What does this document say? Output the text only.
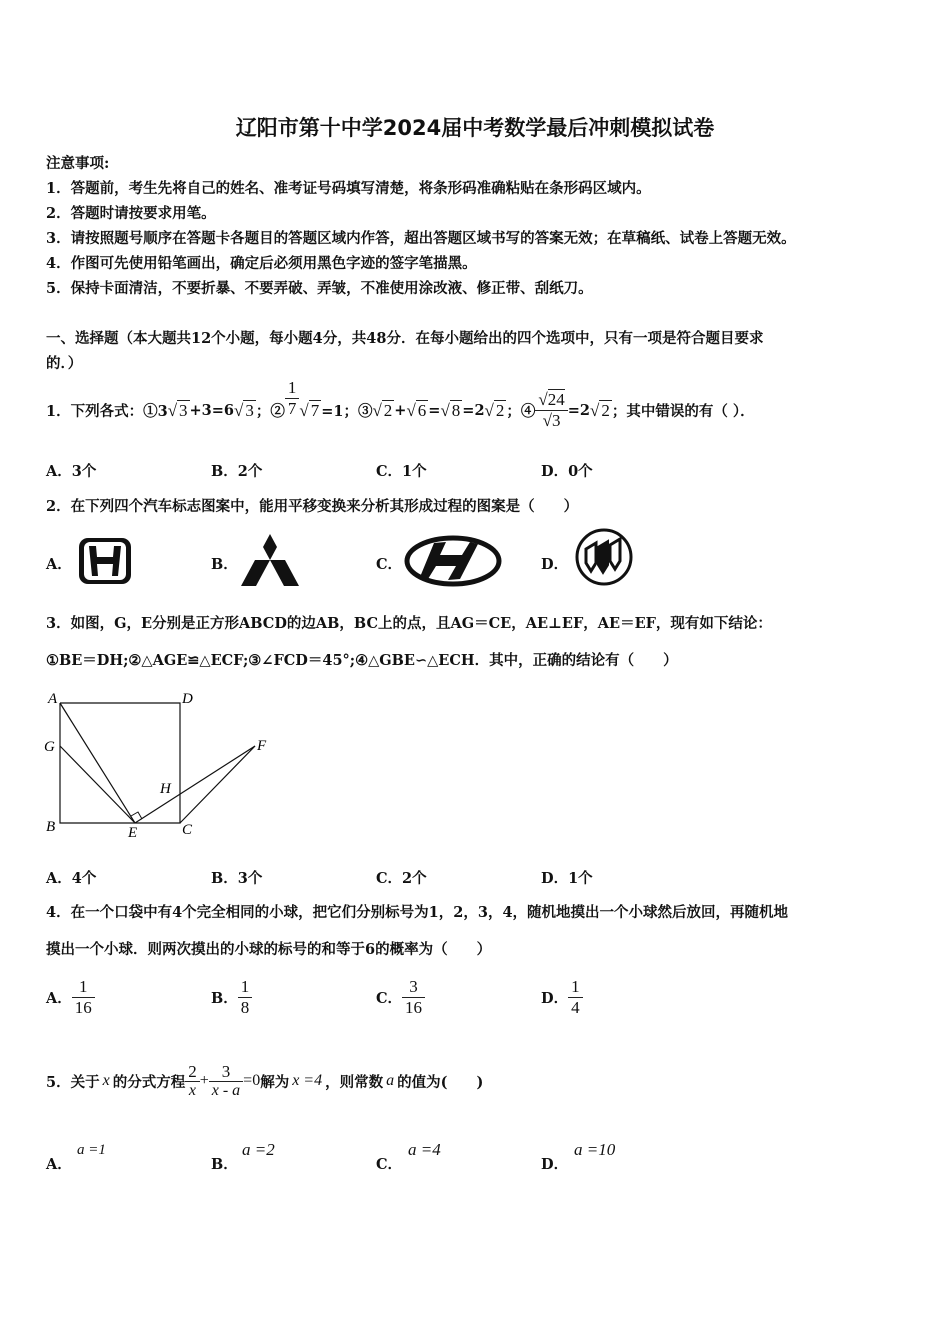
辽阳市第十中学2024届中考数学最后冲刺模拟试卷
注意事项:
1．答题前，考生先将自己的姓名、准考证号码填写清楚，将条形码准确粘贴在条形码区域内。
2．答题时请按要求用笔。
3．请按照题号顺序在答题卡各题目的答题区域内作答，超出答题区域书写的答案无效；在草稿纸、试卷上答题无效。
4．作图可先使用铅笔画出，确定后必须用黑色字迹的签字笔描黑。
5．保持卡面清洁，不要折暴、不要弄破、弄皱，不准使用涂改液、修正带、刮纸刀。
一、选择题（本大题共12个小题，每小题4分，共48分．在每小题给出的四个选项中，只有一项是符合题目要求
的．）
1．下列各式：①3 √ 3 +3=6 √ 3 ；② $\frac{1}{7}$ √ 7 =1；③ √ 2 + √ 6 = √ 8 =2 √ 2 ；④ $\frac{√24}{√3} =2$ √ 2 ；其中错误的有（ ）．
A．3个	B．2个	C．1个	D．0个
2．在下列四个汽车标志图案中，能用平移变换来分析其形成过程的图案是（　　）
A．	B．	C．	D．
3．如图，G，E分别是正方形ABCD的边AB，BC上的点，且AG＝CE，AE⊥EF，AE＝EF，现有如下结论：
①BE＝DH;②△AGE≌△ECF;③∠FCD＝45°;④△GBE∽△ECH．其中，正确的结论有（　　）
A	D
G	F
H
B	E	C
A．4个	B．3个	C．2个	D．1个
4．在一个口袋中有4个完全相同的小球，把它们分别标号为1，2，3，4，随机地摸出一个小球然后放回，再随机地
摸出一个小球．则两次摸出的小球的标号的和等于6的概率为（　　）
A． $\frac{1}{16}$	B． $\frac{1}{8}$	C． $\frac{3}{16}$	D． $\frac{1}{4}$
5．关于 x 的分式方程 $\frac{2}{x} + \frac{3}{x - a} =0$ 解为 x =4 ，则常数 a 的值为(　　)
A．
a =1
B．
a =2
C．
a =4
D．
a =10
